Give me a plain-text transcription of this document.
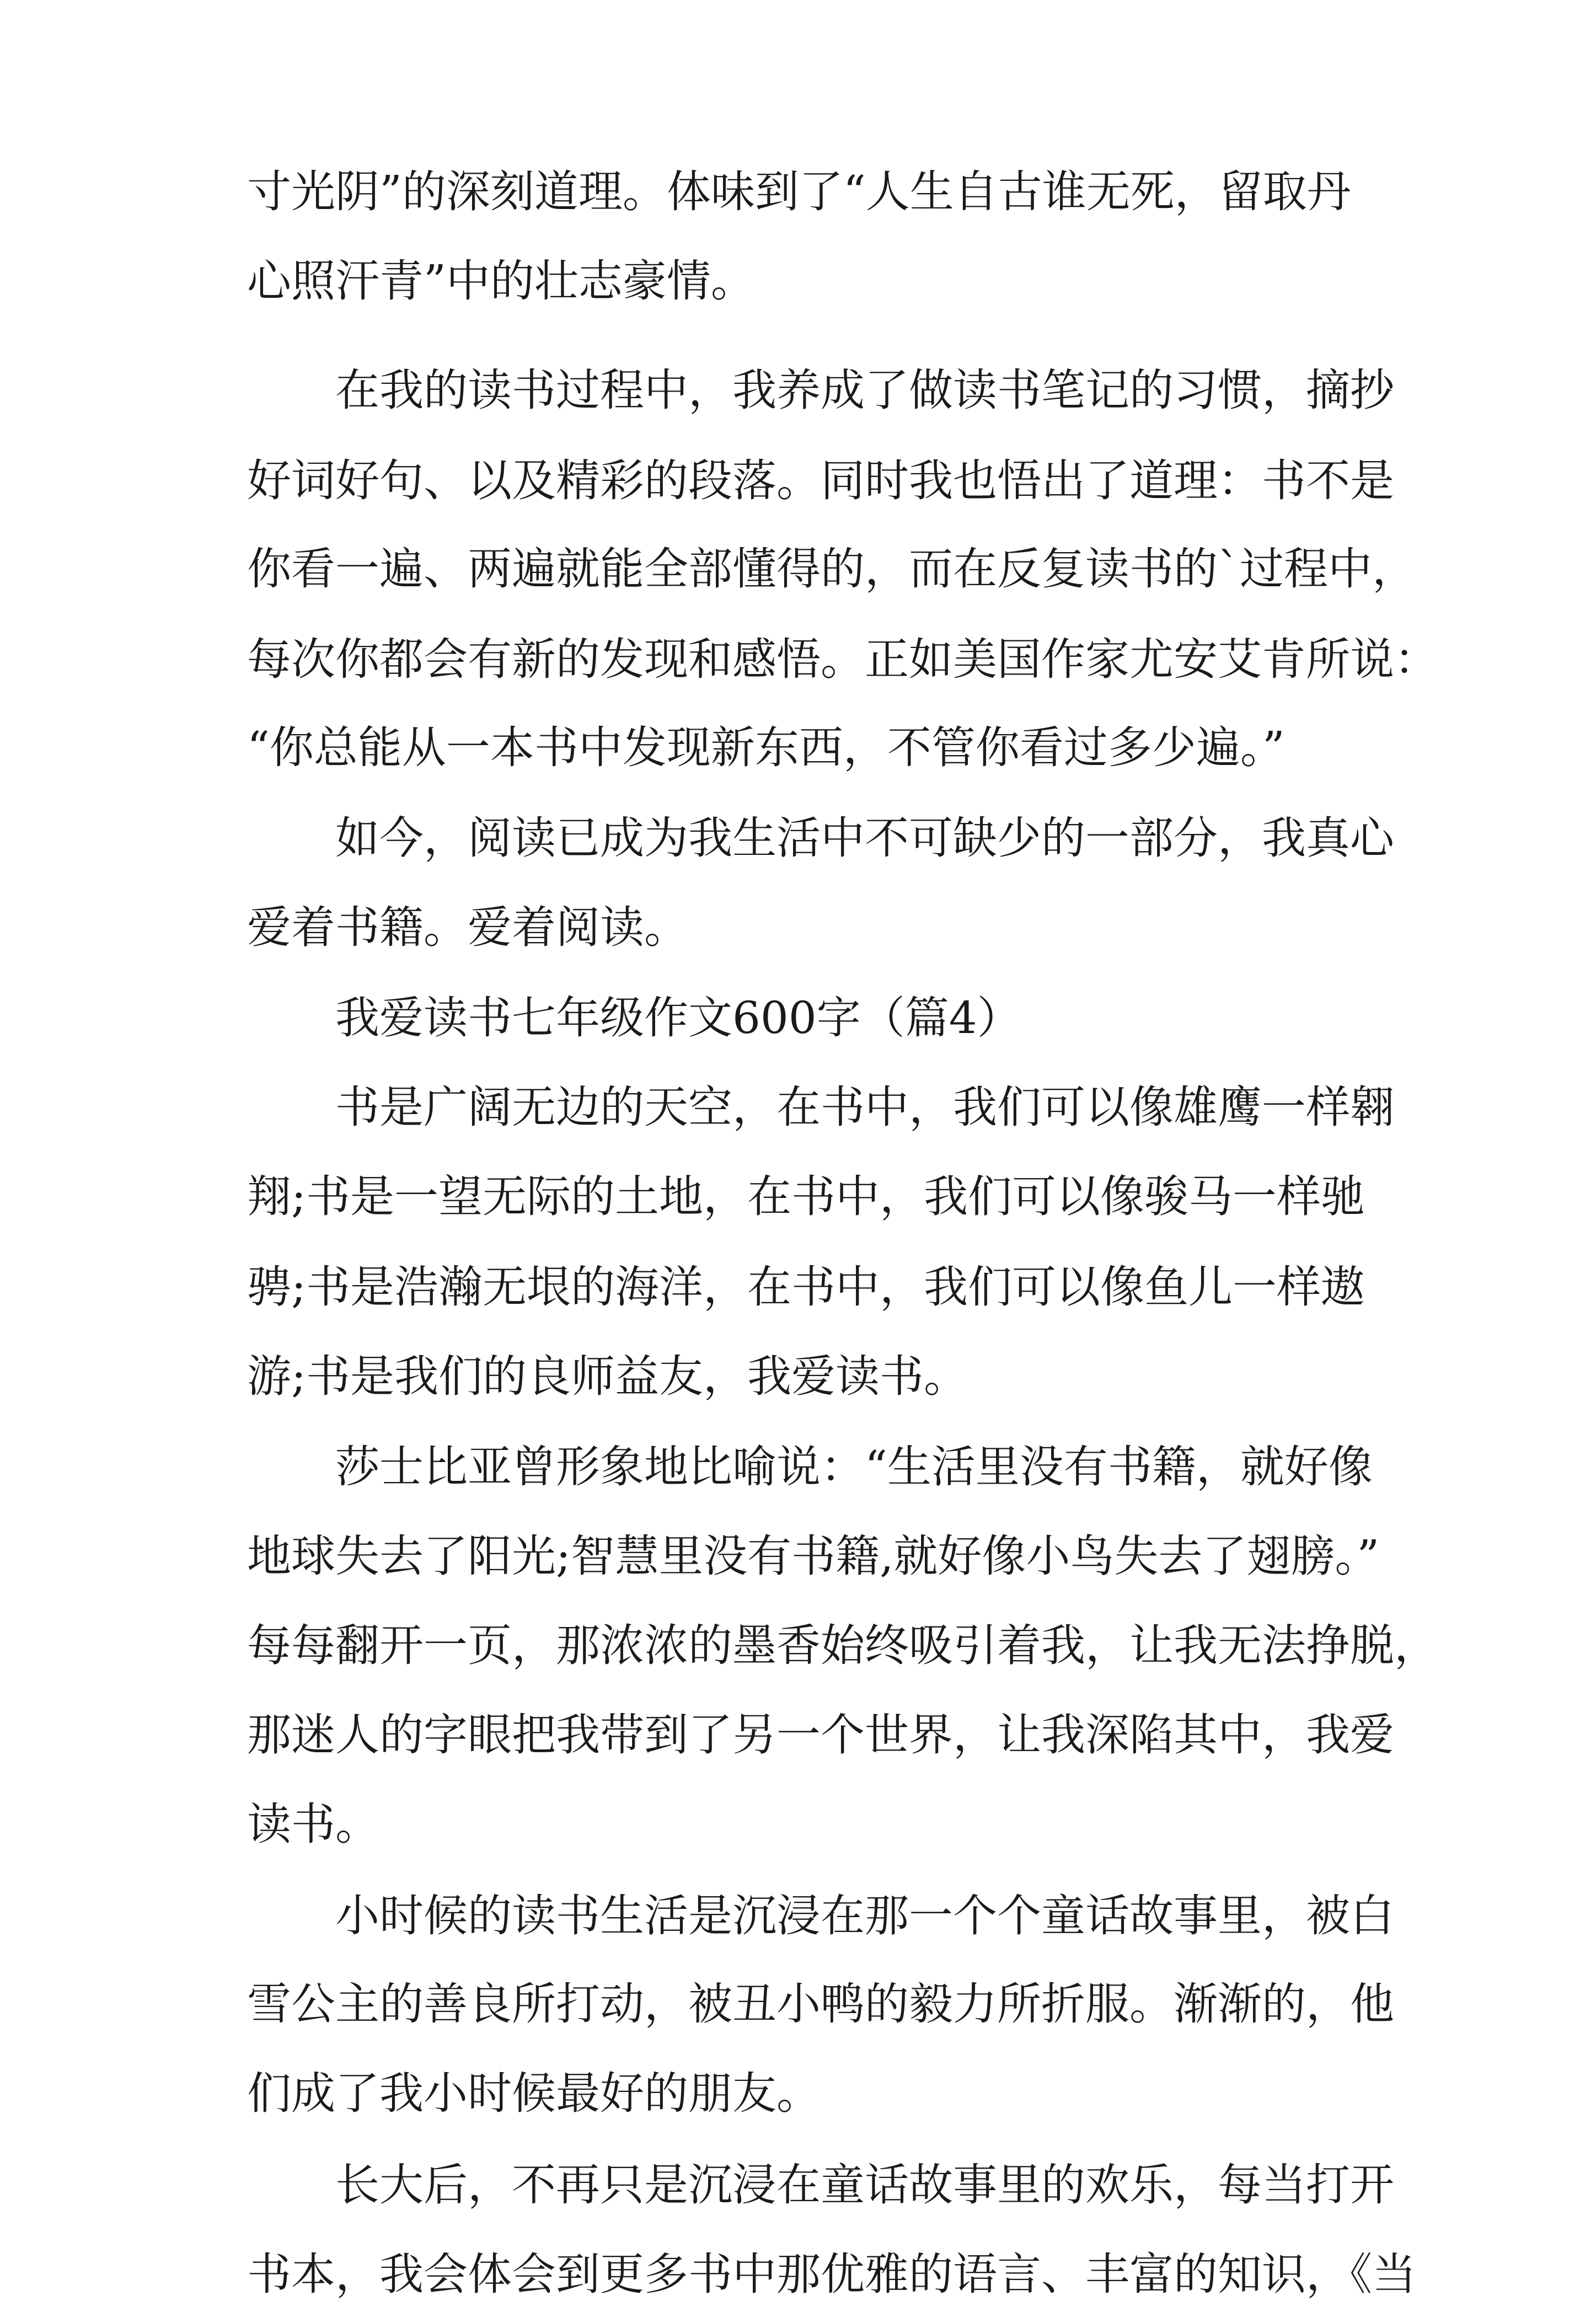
寸光阴”的深刻道理。体味到了“人生自古谁无死，留取丹
心照汗青”中的壮志豪情。
在我的读书过程中，我养成了做读书笔记的习惯，摘抄
好词好句、以及精彩的段落。同时我也悟出了道理：书不是
你看一遍、两遍就能全部懂得的，而在反复读书的`过程中，
每次你都会有新的发现和感悟。正如美国作家尤安艾肯所说：
“你总能从一本书中发现新东西，不管你看过多少遍。”
如今，阅读已成为我生活中不可缺少的一部分，我真心
爱着书籍。爱着阅读。
我爱读书七年级作文600字（篇4）
书是广阔无边的天空，在书中，我们可以像雄鹰一样翱
翔;书是一望无际的土地，在书中，我们可以像骏马一样驰
骋;书是浩瀚无垠的海洋，在书中，我们可以像鱼儿一样遨
游;书是我们的良师益友，我爱读书。
莎士比亚曾形象地比喻说：“生活里没有书籍，就好像
地球失去了阳光;智慧里没有书籍,就好像小鸟失去了翅膀。”
每每翻开一页，那浓浓的墨香始终吸引着我，让我无法挣脱，
那迷人的字眼把我带到了另一个世界，让我深陷其中，我爱
读书。
小时候的读书生活是沉浸在那一个个童话故事里，被白
雪公主的善良所打动，被丑小鸭的毅力所折服。渐渐的，他
们成了我小时候最好的朋友。
长大后，不再只是沉浸在童话故事里的欢乐，每当打开
书本，我会体会到更多书中那优雅的语言、丰富的知识，《当
